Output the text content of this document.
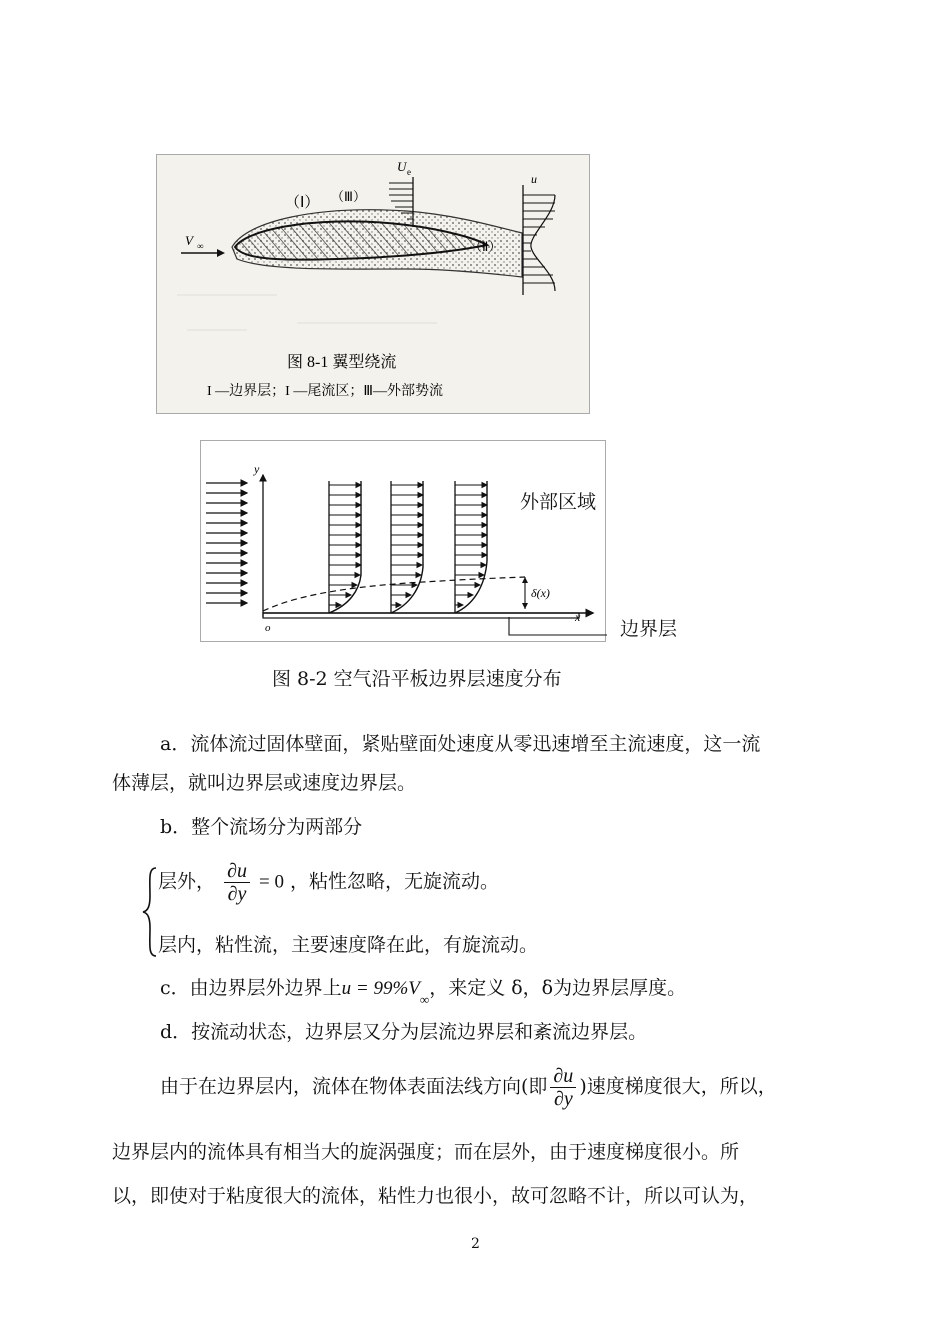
V ∞
（Ⅰ） （Ⅲ）
（Ⅱ）
U e	u
图 8-1 翼型绕流
I —边界层；I —尾流区；Ⅲ—外部势流
y
x
o
δ(x)
外部区域
边界层
图 8-2 空气沿平板边界层速度分布
a．流体流过固体壁面，紧贴壁面处速度从零迅速增至主流速度，这一流
体薄层，就叫边界层或速度边界层。
b．整个流场分为两部分
层外， $\frac{\partial u}{\partial y} = 0$ ，粘性忽略，无旋流动。
层内，粘性流，主要速度降在此，有旋流动。
c．由边界层外边界上$u = 99\%V_\infty$，来定义 δ，δ为边界层厚度。
d．按流动状态，边界层又分为层流边界层和紊流边界层。
由于在边界层内，流体在物体表面法线方向(即 $\frac{\partial u}{\partial y}$ )速度梯度很大，所以，
边界层内的流体具有相当大的旋涡强度；而在层外，由于速度梯度很小。所
以，即使对于粘度很大的流体，粘性力也很小，故可忽略不计，所以可认为，
2
